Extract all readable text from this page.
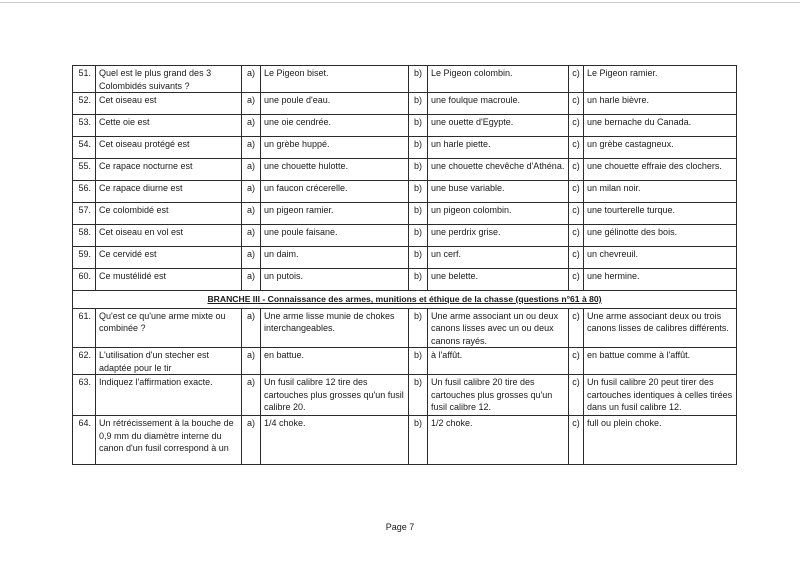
51.	Quel est le plus grand des 3 Colombidés suivants ?	a)	Le Pigeon biset.	b)	Le Pigeon colombin.	c)	Le Pigeon ramier.
52.	Cet oiseau est	a)	une poule d'eau.	b)	une foulque macroule.	c)	un harle bièvre.
53.	Cette oie est	a)	une oie cendrée.	b)	une ouette d'Egypte.	c)	une bernache du Canada.
54.	Cet oiseau protégé est	a)	un grèbe huppé.	b)	un harle piette.	c)	un grèbe castagneux.
55.	Ce rapace nocturne est	a)	une chouette hulotte.	b)	une chouette chevêche d'Athéna.	c)	une chouette effraie des clochers.
56.	Ce rapace diurne est	a)	un faucon crécerelle.	b)	une buse variable.	c)	un milan noir.
57.	Ce colombidé est	a)	un pigeon ramier.	b)	un pigeon colombin.	c)	une tourterelle turque.
58.	Cet oiseau en vol est	a)	une poule faisane.	b)	une perdrix grise.	c)	une gélinotte des bois.
59.	Ce cervidé est	a)	un daim.	b)	un cerf.	c)	un chevreuil.
60.	Ce mustélidé est	a)	un putois.	b)	une belette.	c)	une hermine.
BRANCHE III - Connaissance des armes, munitions et éthique de la chasse (questions n°61 à 80)							
61.	Qu'est ce qu'une arme mixte ou combinée ?	a)	Une arme lisse munie de chokes interchangeables.	b)	Une arme associant un ou deux canons lisses avec un ou deux canons rayés.	c)	Une arme associant deux ou trois canons lisses de calibres différents.
62.	L'utilisation d'un stecher est adaptée pour le tir	a)	en battue.	b)	à l'affût.	c)	en battue comme à l'affût.
63.	Indiquez l'affirmation exacte.	a)	Un fusil calibre 12 tire des cartouches plus grosses qu'un fusil calibre 20.	b)	Un fusil calibre 20 tire des cartouches plus grosses qu'un fusil calibre 12.	c)	Un fusil calibre 20 peut tirer des cartouches identiques à celles tirées dans un fusil calibre 12.
64.	Un rétrécissement à la bouche de 0,9 mm du diamètre interne du canon d'un fusil correspond à un	a)	1/4 choke.	b)	1/2 choke.	c)	full ou plein choke.
Page 7
